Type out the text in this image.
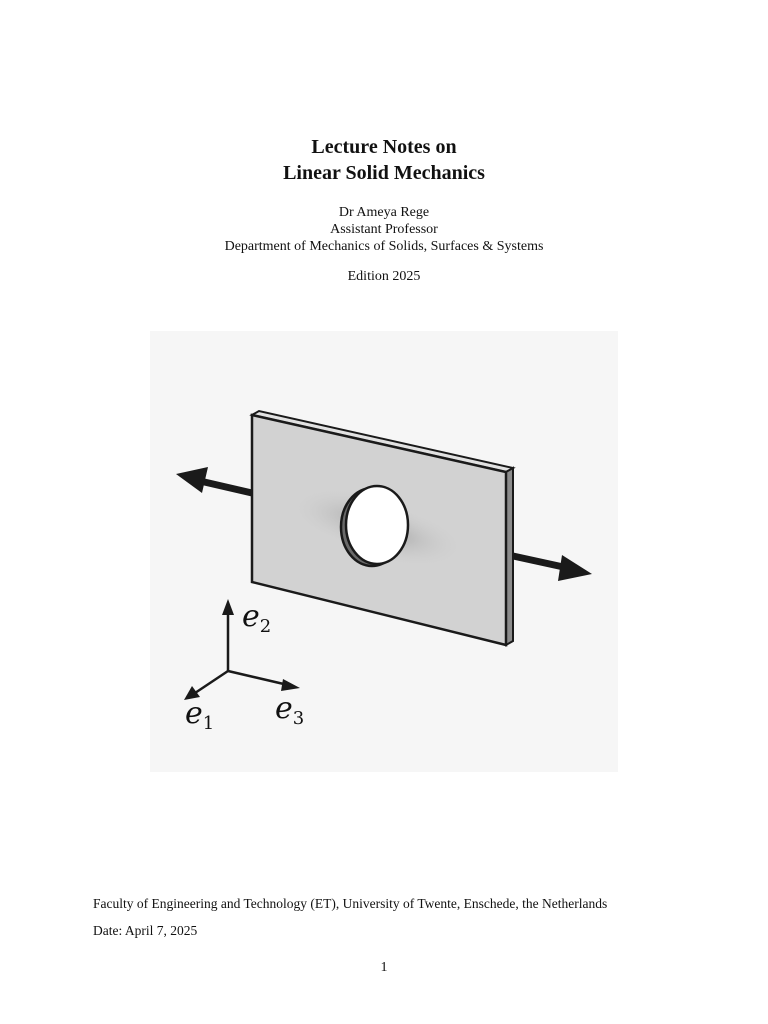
Lecture Notes on
Linear Solid Mechanics
Dr Ameya Rege
Assistant Professor
Department of Mechanics of Solids, Surfaces & Systems
Edition 2025
$e_2$
$e_1$ $e_3$
Faculty of Engineering and Technology (ET), University of Twente, Enschede, the Netherlands
Date: April 7, 2025
1
